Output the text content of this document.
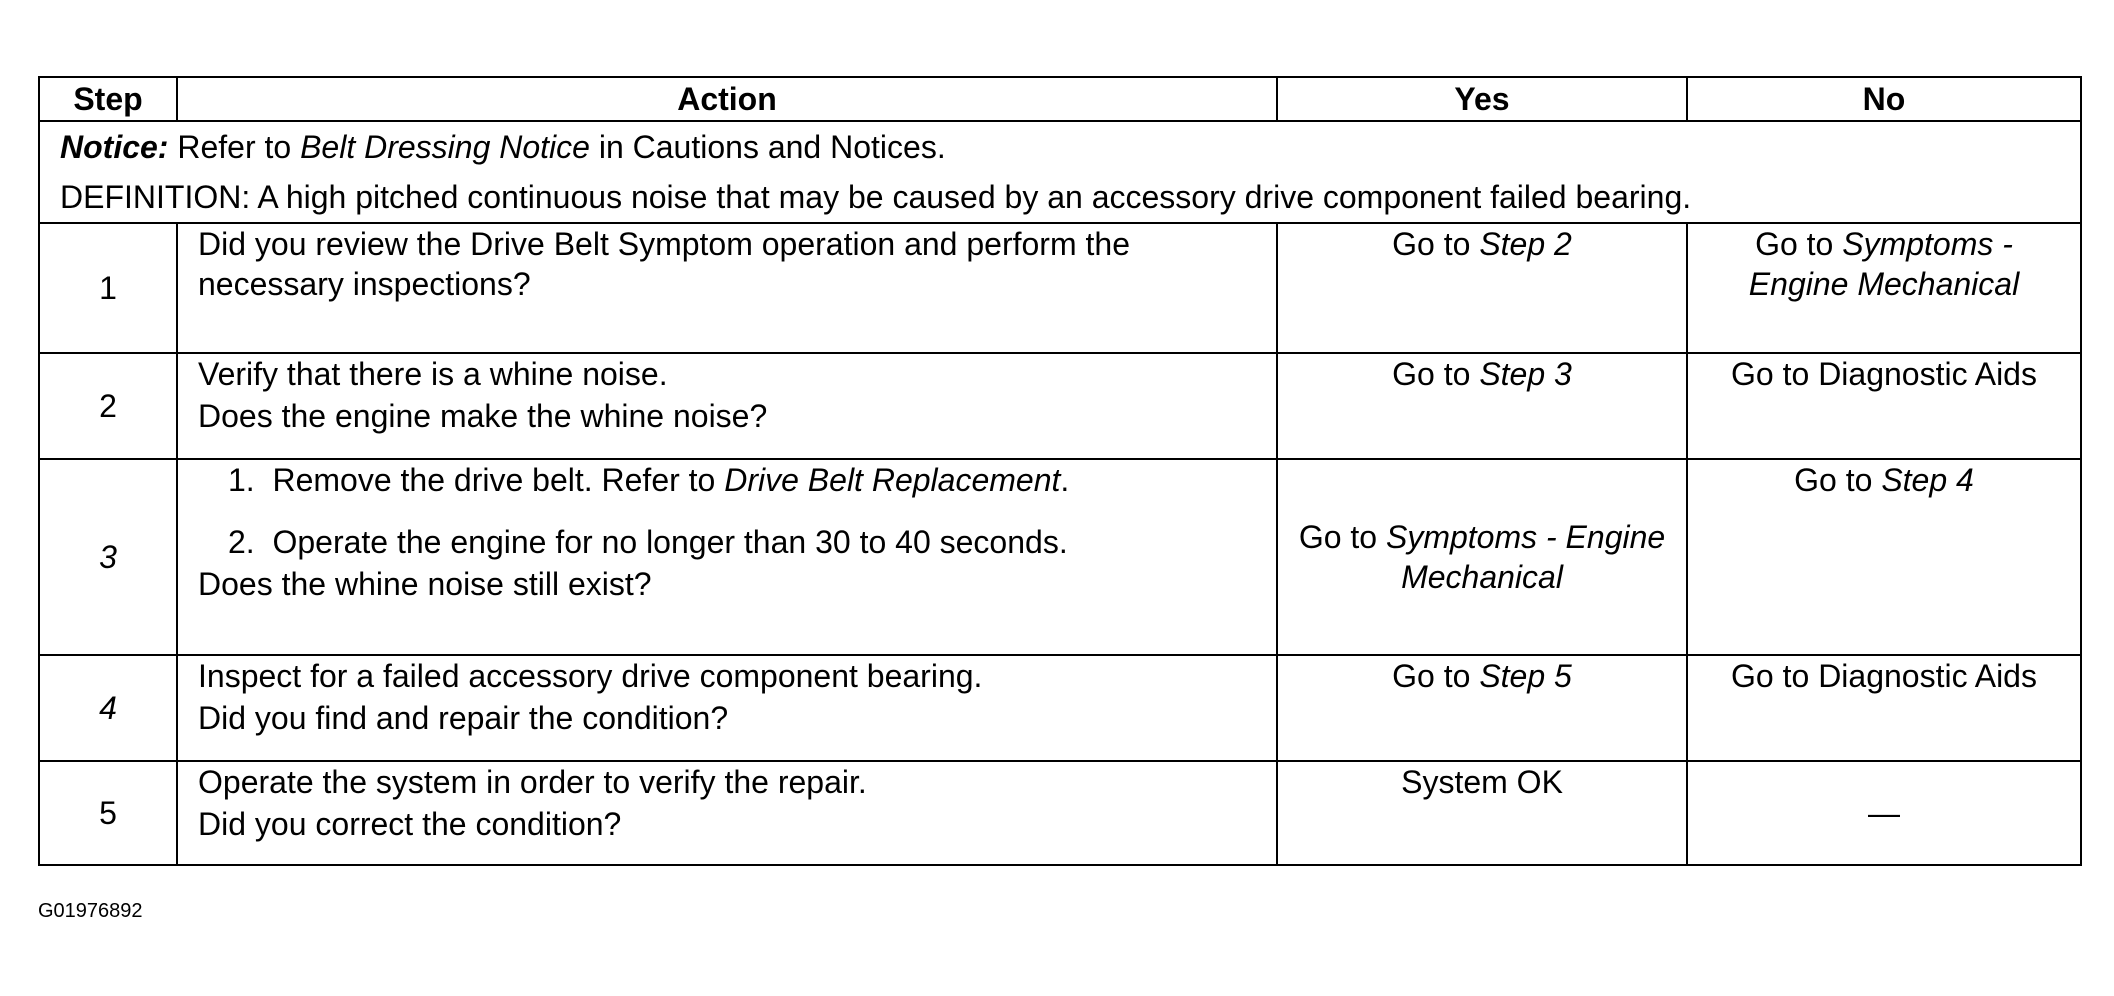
Step	Action	Yes	No

Notice: Refer to Belt Dressing Notice in Cautions and Notices.
DEFINITION: A high pitched continuous noise that may be caused by an accessory drive component failed bearing.			

1	Did you review the Drive Belt Symptom operation and perform the necessary inspections?	Go to Step 2	Go to Symptoms - Engine Mechanical
2	Verify that there is a whine noise.
Does the engine make the whine noise?	Go to Step 3	Go to Diagnostic Aids
3	1. Remove the drive belt. Refer to Drive Belt Replacement.
2. Operate the engine for no longer than 30 to 40 seconds.
Does the whine noise still exist?	Go to Symptoms - Engine Mechanical	Go to Step 4
4	Inspect for a failed accessory drive component bearing.
Did you find and repair the condition?	Go to Step 5	Go to Diagnostic Aids
5	Operate the system in order to verify the repair.
Did you correct the condition?	System OK	—
G01976892
